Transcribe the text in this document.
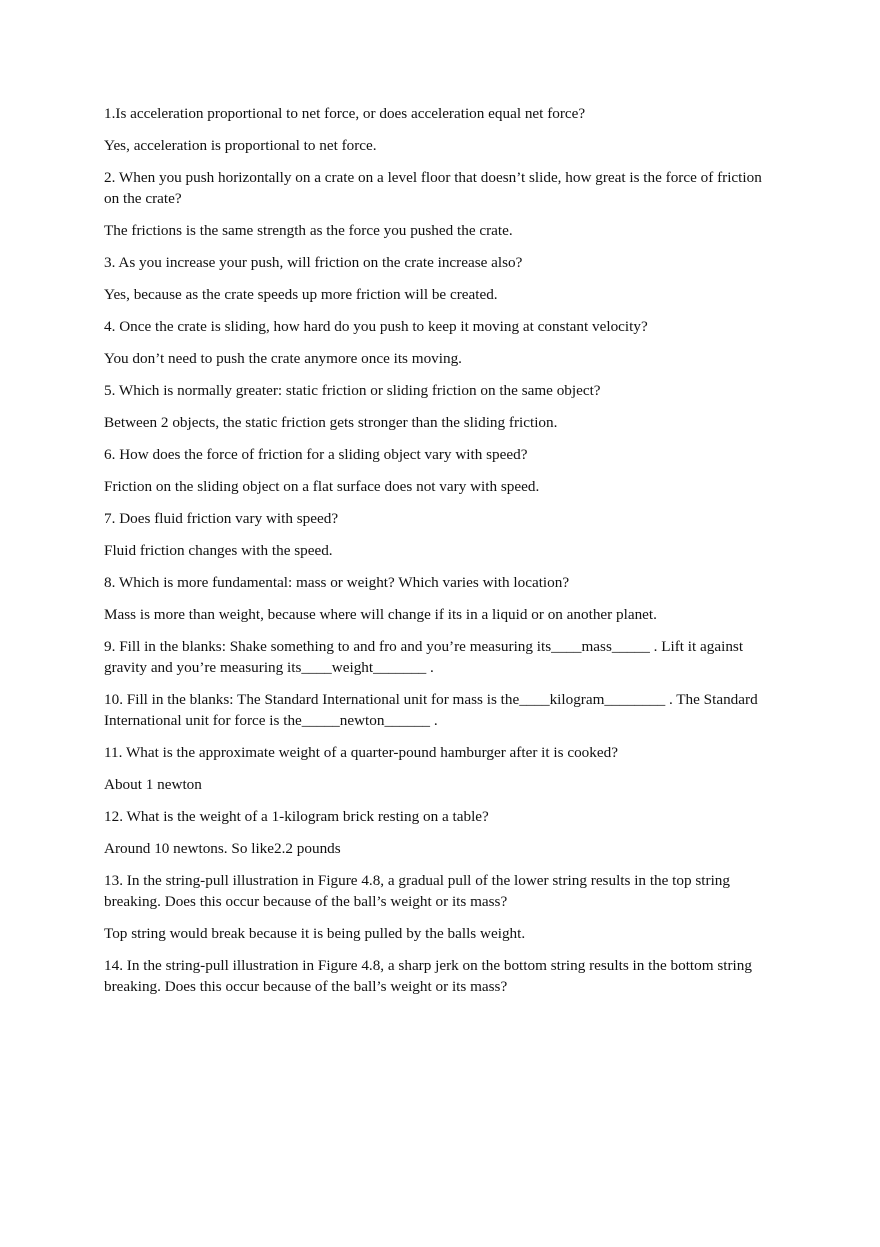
1.Is acceleration proportional to net force, or does acceleration equal net force?

Yes, acceleration is proportional to net force.

2. When you push horizontally on a crate on a level floor that doesn’t slide, how great is the force of friction on the crate?

The frictions is the same strength as the force you pushed the crate.

3. As you increase your push, will friction on the crate increase also?

Yes, because as the crate speeds up more friction will be created.

4. Once the crate is sliding, how hard do you push to keep it moving at constant velocity?

You don’t need to push the crate anymore once its moving.

5. Which is normally greater: static friction or sliding friction on the same object?

Between 2 objects, the static friction gets stronger than the sliding friction.

6. How does the force of friction for a sliding object vary with speed?

Friction on the sliding object on a flat surface does not vary with speed.

7. Does fluid friction vary with speed?

Fluid friction changes with the speed.

8. Which is more fundamental: mass or weight? Which varies with location?

Mass is more than weight, because where will change if its in a liquid or on another planet.

9. Fill in the blanks: Shake something to and fro and you’re measuring its____mass_____ . Lift it against gravity and you’re measuring its____weight_______ .

10. Fill in the blanks: The Standard International unit for mass is the____kilogram________ . The Standard International unit for force is the_____newton______ .

11. What is the approximate weight of a quarter-pound hamburger after it is cooked?

About 1 newton

12. What is the weight of a 1-kilogram brick resting on a table?

Around 10 newtons. So like2.2 pounds

13. In the string-pull illustration in Figure 4.8, a gradual pull of the lower string results in the top string breaking. Does this occur because of the ball’s weight or its mass?

Top string would break because it is being pulled by the balls weight.

14. In the string-pull illustration in Figure 4.8, a sharp jerk on the bottom string results in the bottom string breaking. Does this occur because of the ball’s weight or its mass?
